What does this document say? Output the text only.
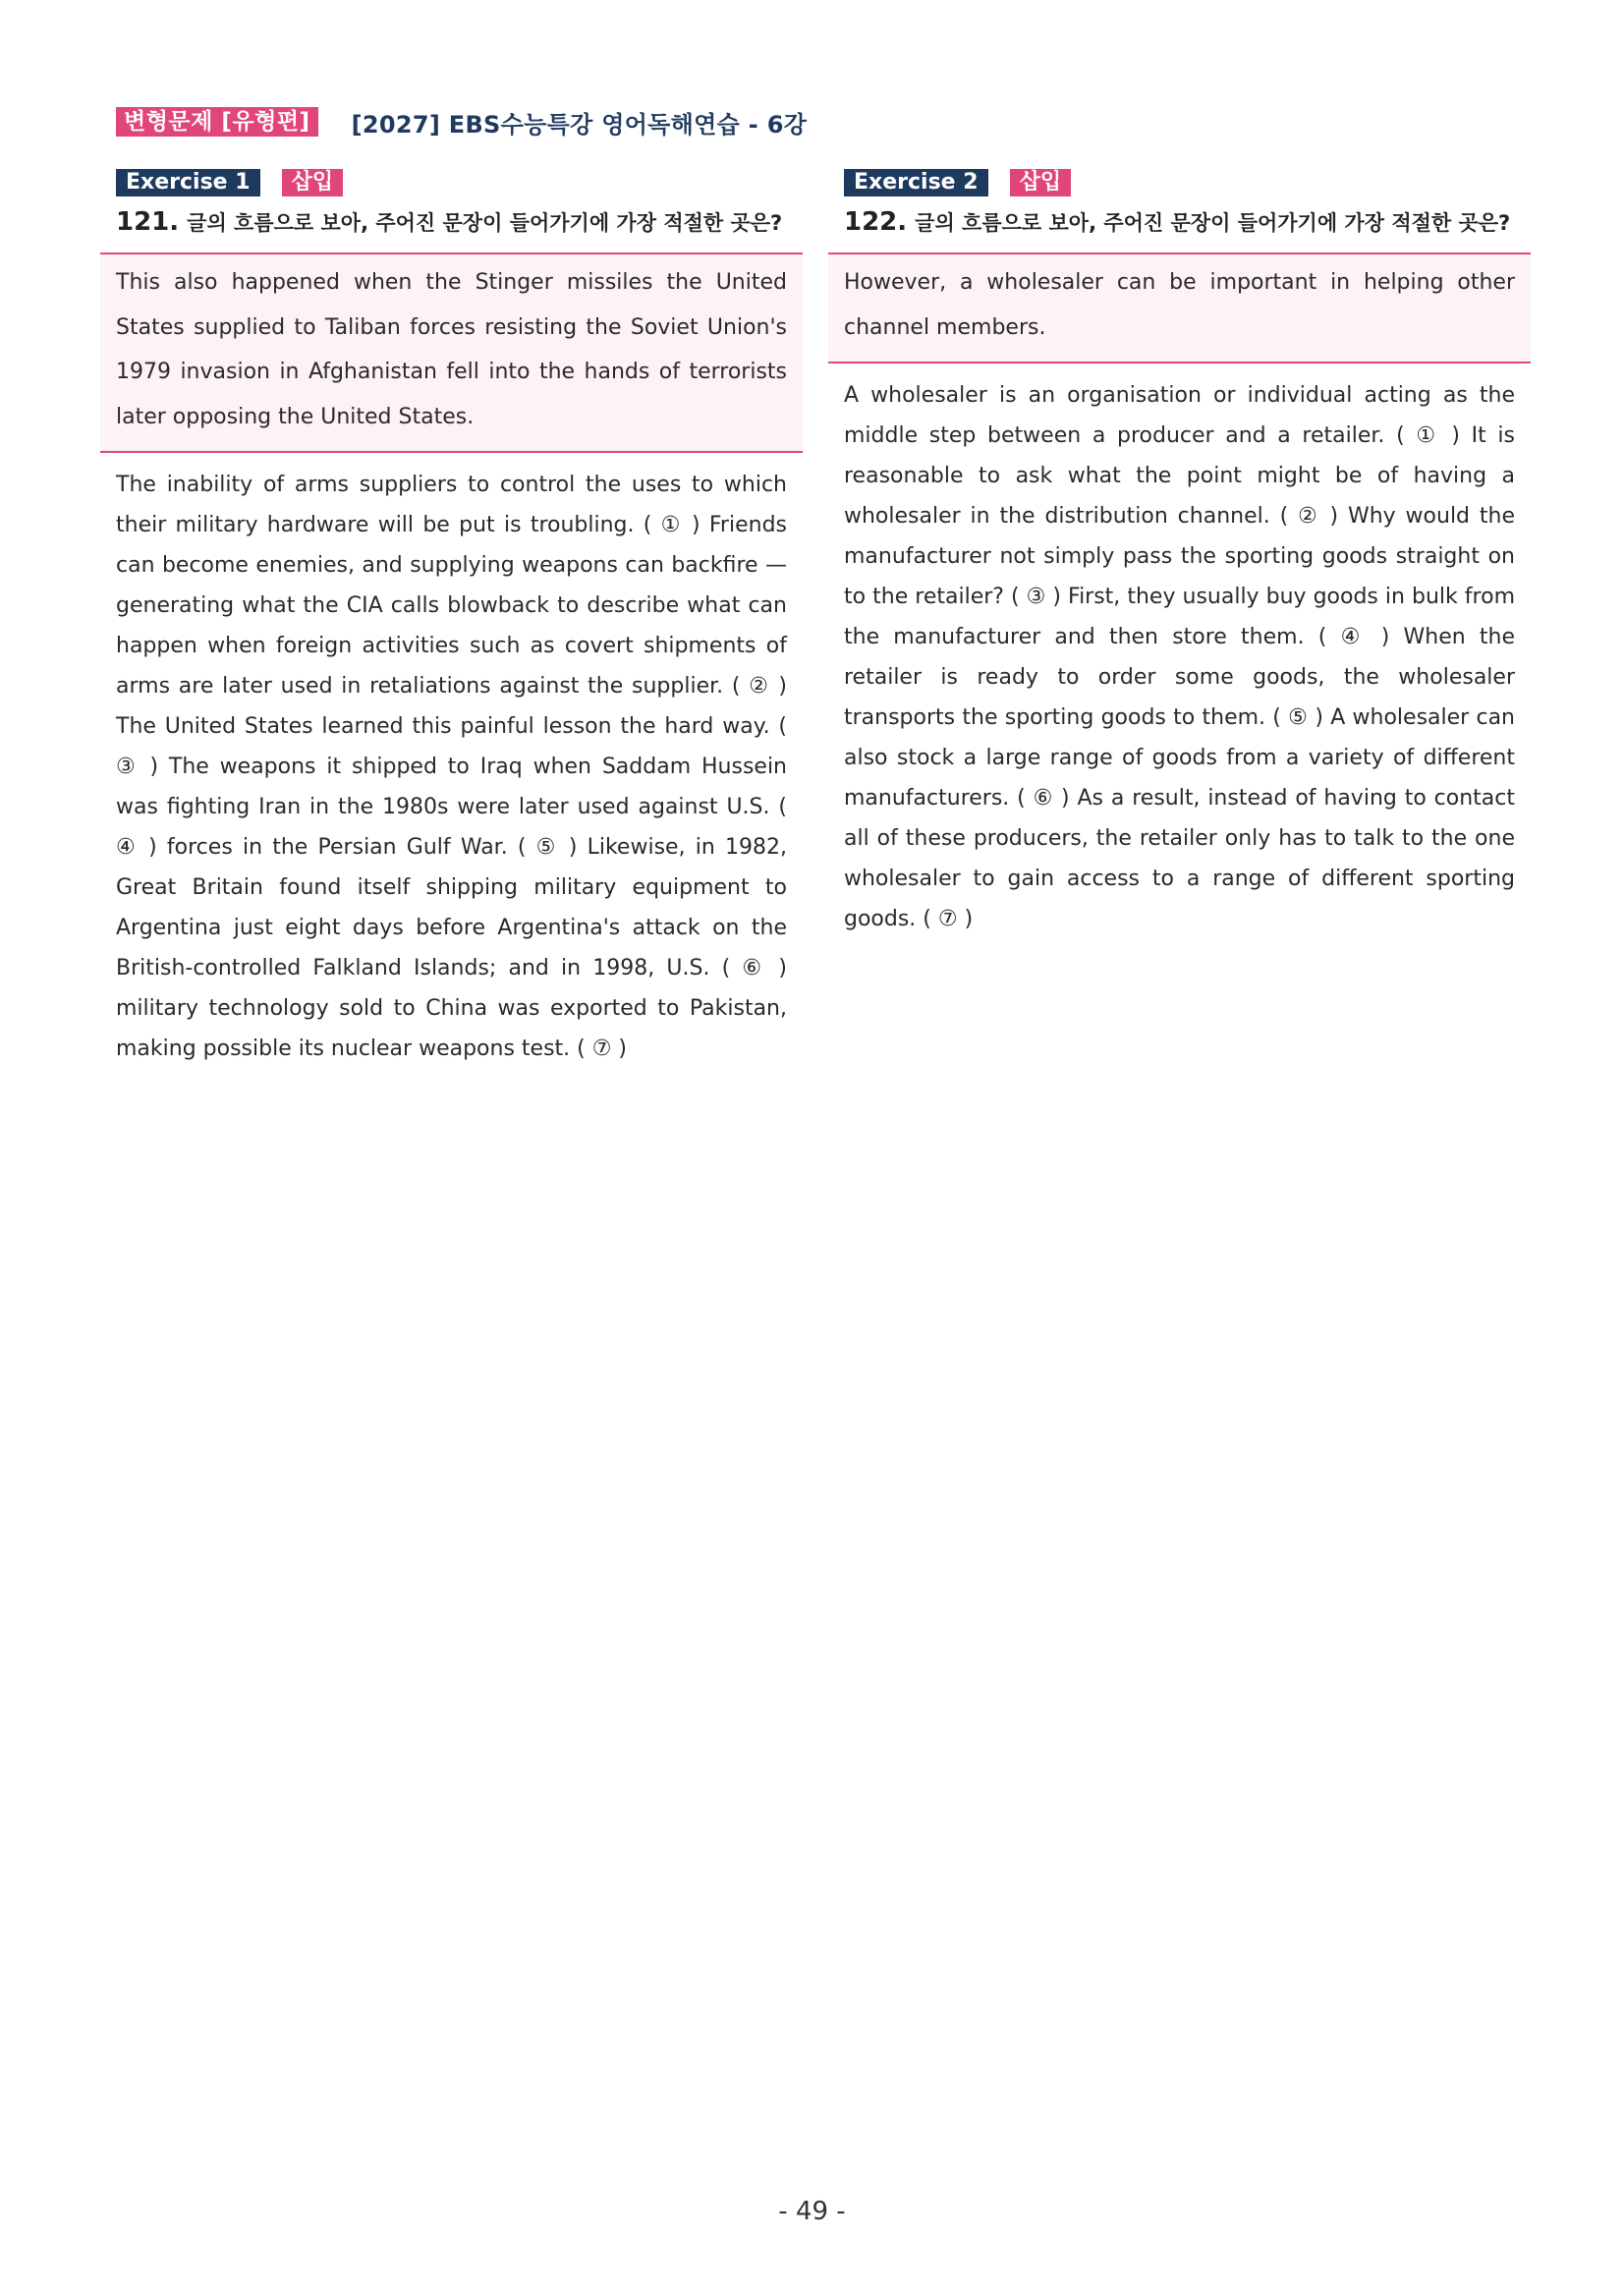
변형문제 [유형편]	[2027] EBS수능특강 영어독해연습 - 6강
Exercise 1	삽입
121. 글의 흐름으로 보아, 주어진 문장이 들어가기에 가장 적절한 곳은?
This also happened when the Stinger missiles the United States supplied to Taliban forces resisting the Soviet Union's 1979 invasion in Afghanistan fell into the hands of terrorists later opposing the United States.
The inability of arms suppliers to control the uses to which their military hardware will be put is troubling. ( ① ) Friends can become enemies, and supplying weapons can backfire — generating what the CIA calls blowback to describe what can happen when foreign activities such as covert shipments of arms are later used in retaliations against the supplier. ( ② ) The United States learned this painful lesson the hard way. ( ③ ) The weapons it shipped to Iraq when Saddam Hussein was fighting Iran in the 1980s were later used against U.S. ( ④ ) forces in the Persian Gulf War. ( ⑤ ) Likewise, in 1982, Great Britain found itself shipping military equipment to Argentina just eight days before Argentina's attack on the British-controlled Falkland Islands; and in 1998, U.S. ( ⑥ ) military technology sold to China was exported to Pakistan, making possible its nuclear weapons test. ( ⑦ )
Exercise 2	삽입
122. 글의 흐름으로 보아, 주어진 문장이 들어가기에 가장 적절한 곳은?
However, a wholesaler can be important in helping other channel members.
A wholesaler is an organisation or individual acting as the middle step between a producer and a retailer. ( ① ) It is reasonable to ask what the point might be of having a wholesaler in the distribution channel. ( ② ) Why would the manufacturer not simply pass the sporting goods straight on to the retailer? ( ③ ) First, they usually buy goods in bulk from the manufacturer and then store them. ( ④ ) When the retailer is ready to order some goods, the wholesaler transports the sporting goods to them. ( ⑤ ) A wholesaler can also stock a large range of goods from a variety of different manufacturers. ( ⑥ ) As a result, instead of having to contact all of these producers, the retailer only has to talk to the one wholesaler to gain access to a range of different sporting goods. ( ⑦ )
- 49 -
